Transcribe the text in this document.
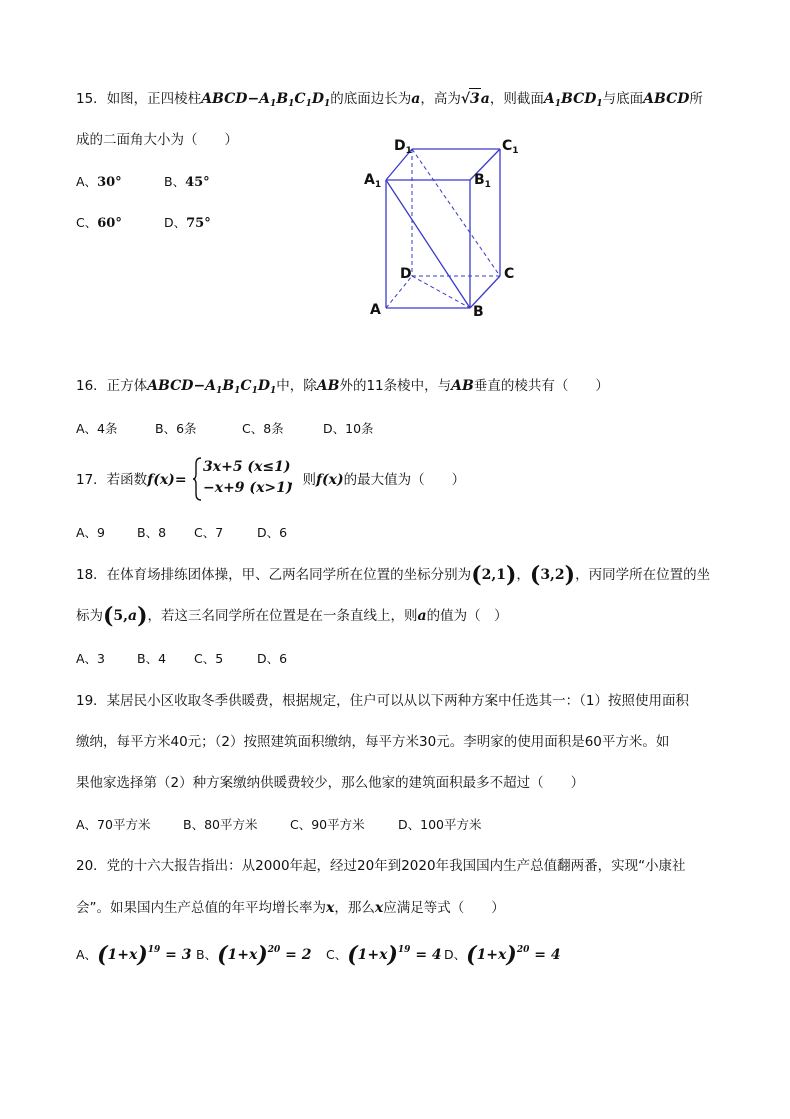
15．如图，正四棱柱$ABCD-A_1B_1C_1D_1$的底面边长为a，高为√3a，则截面$A_1BCD_1$与底面ABCD所
成的二面角大小为（　　）
A、30°	B、45°
C、60°	D、75°
$D_1$	$C_1$
$A_1$	$B_1$
D	C
A	B
16．正方体$ABCD-A_1B_1C_1D_1$中，除AB外的11条棱中，与AB垂直的棱共有（　　）
A、4条	B、6条	C、8条	D、10条
17．若函数f(x)=
3x+5 (x≤1)
−x+9 (x>1)
，则f(x)的最大值为（　　）
A、9	B、8 C、7	D、6
18．在体育场排练团体操，甲、乙两名同学所在位置的坐标分别为(2,1)，(3,2)，丙同学所在位置的坐
标为(5,a)，若这三名同学所在位置是在一条直线上，则a的值为（　）
A、3	B、4 C、5	D、6
19．某居民小区收取冬季供暖费，根据规定，住户可以从以下两种方案中任选其一：（1）按照使用面积
缴纳，每平方米40元；（2）按照建筑面积缴纳，每平方米30元。李明家的使用面积是60平方米。如
果他家选择第（2）种方案缴纳供暖费较少，那么他家的建筑面积最多不超过（　　）
A、70平方米	B、80平方米	C、90平方米	D、100平方米
20．党的十六大报告指出：从2000年起，经过20年到2020年我国国内生产总值翻两番，实现“小康社
会”。如果国内生产总值的年平均增长率为x，那么x应满足等式（　　）
A、$(1+x)^{19} = 3$ B、$(1+x)^{20} = 2$ C、$(1+x)^{19} = 4$ D、$(1+x)^{20} = 4$
